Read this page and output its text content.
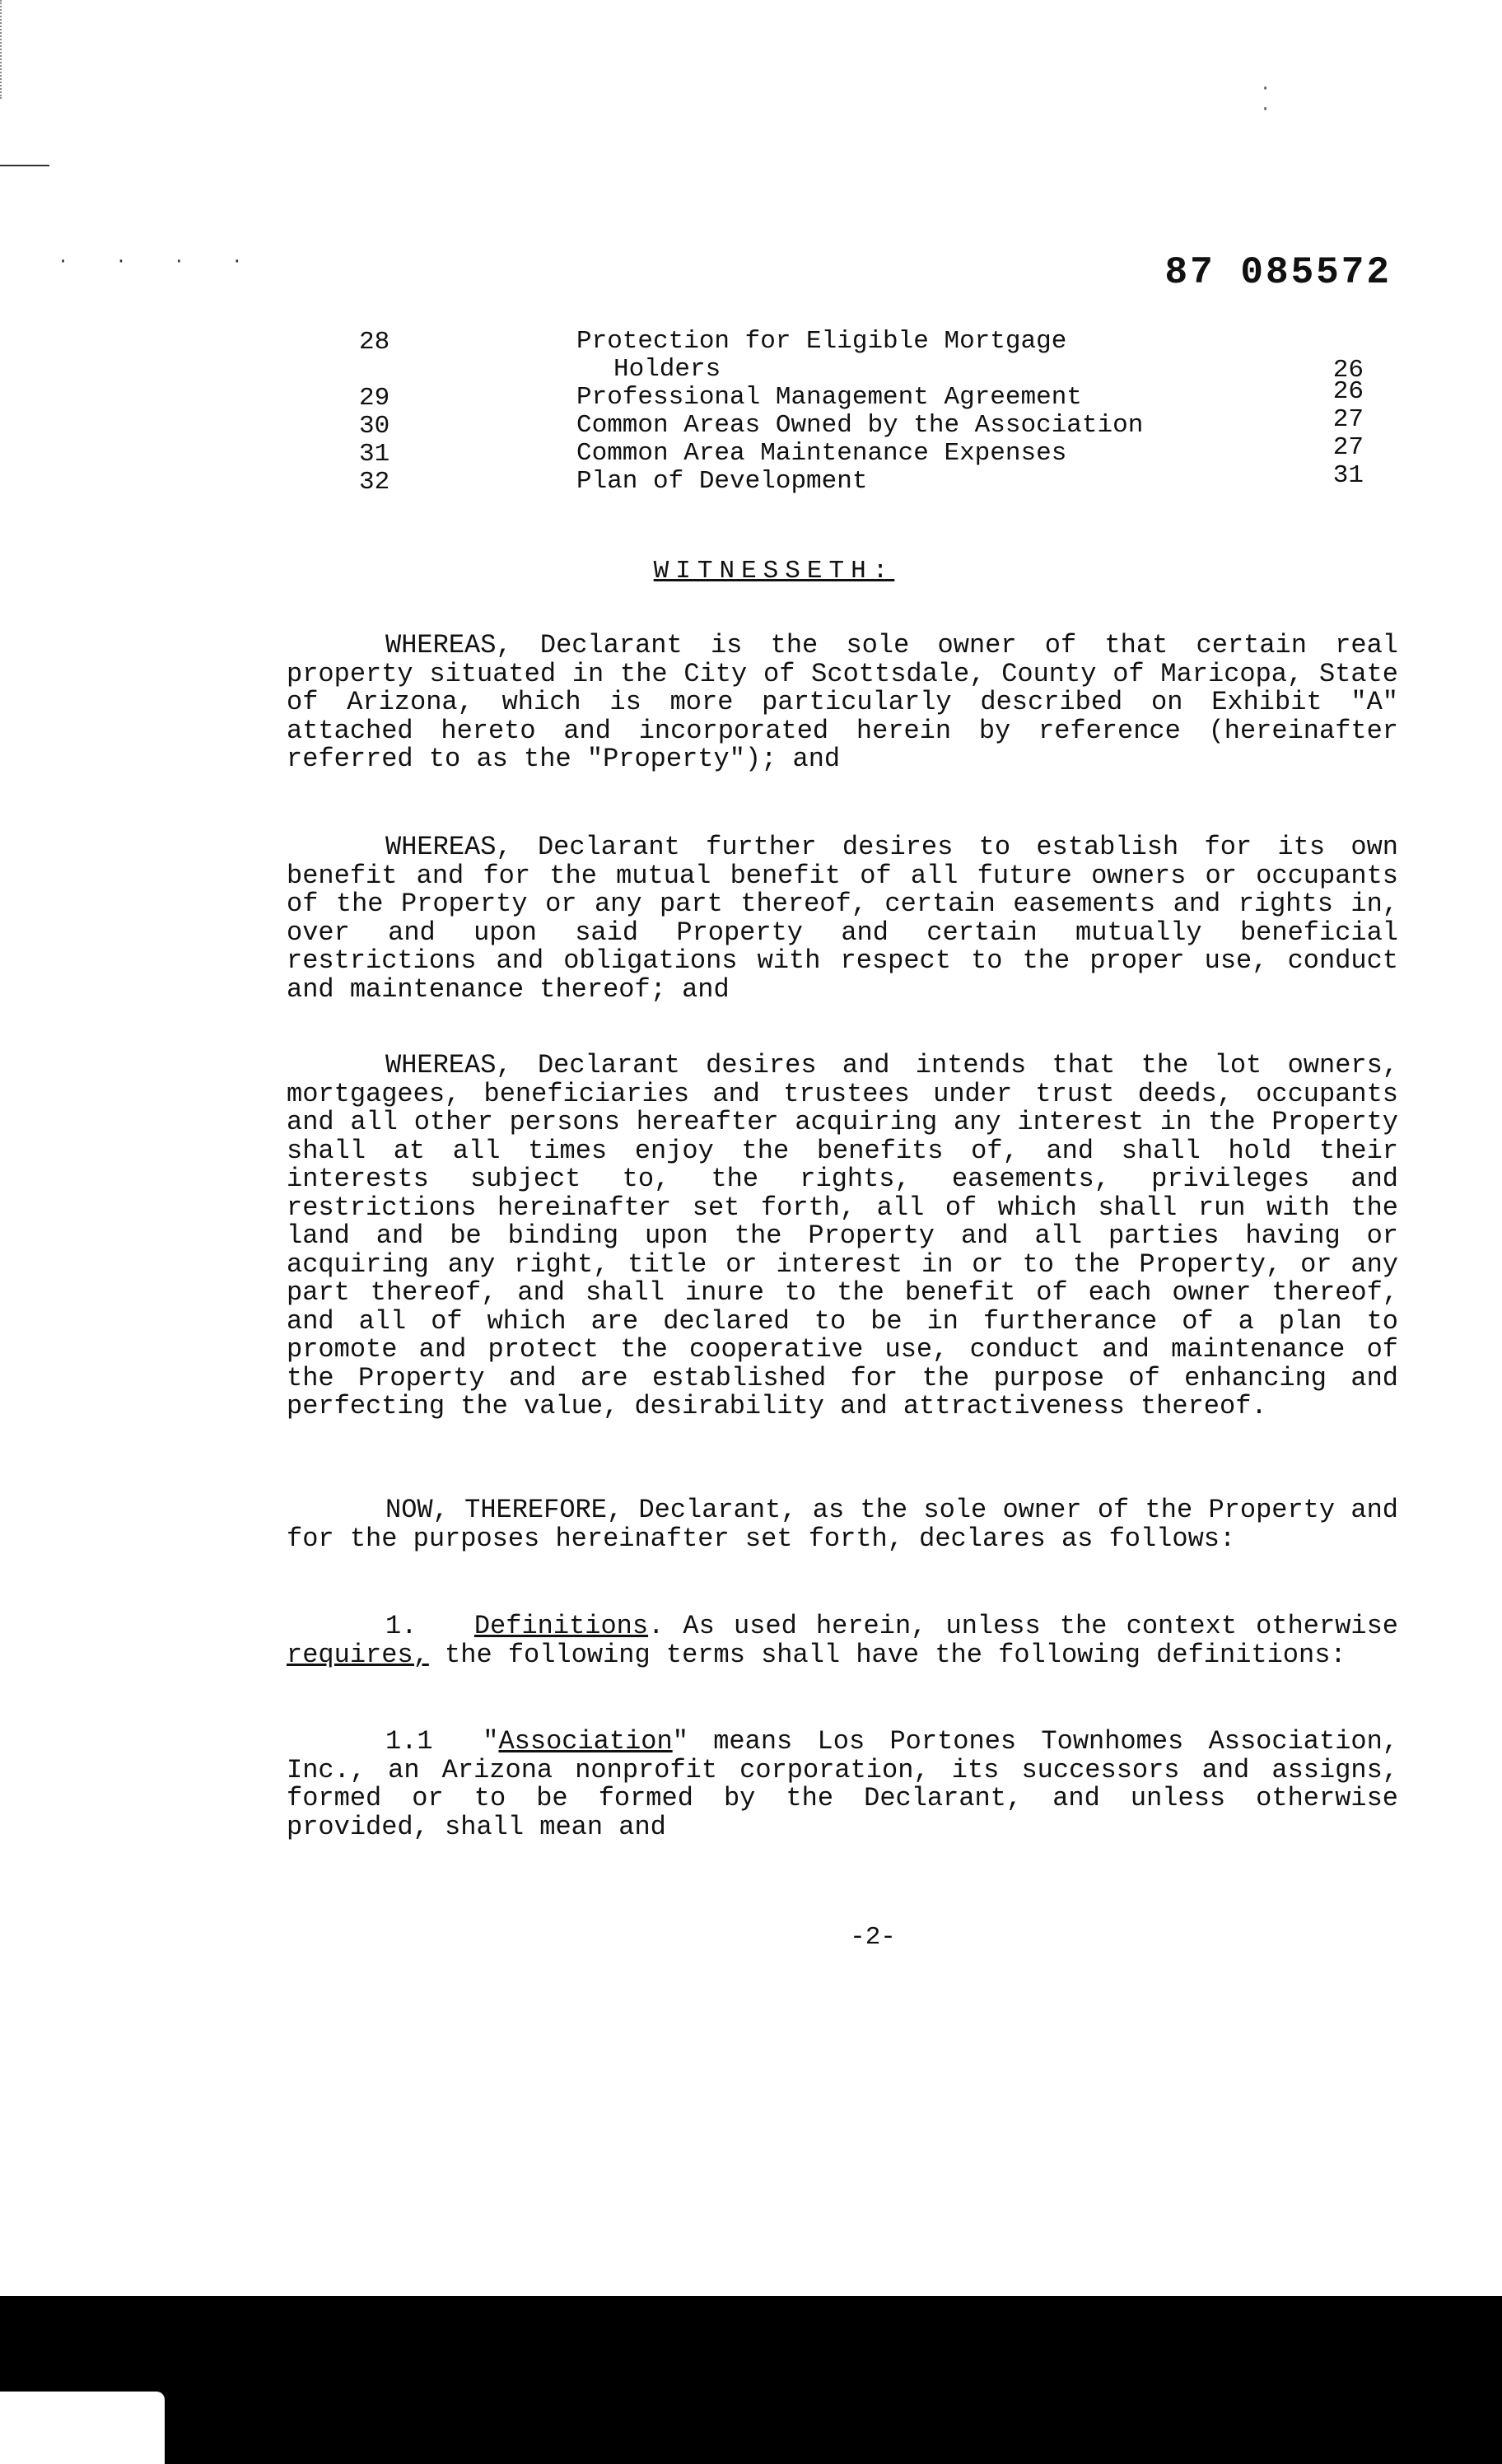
· · · ·
· ·
87 085572
28	Protection for Eligible Mortgage
Holders	26
29	Professional Management Agreement	26
30	Common Areas Owned by the Association	27
31	Common Area Maintenance Expenses	27
32	Plan of Development	31
WITNESSETH:

WHEREAS, Declarant is the sole owner of that certain real property situated in the City of Scottsdale, County of Maricopa, State of Arizona, which is more particularly described on Exhibit "A" attached hereto and incorporated herein by reference (hereinafter referred to as the "Property"); and

WHEREAS, Declarant further desires to establish for its own benefit and for the mutual benefit of all future owners or occupants of the Property or any part thereof, certain easements and rights in, over and upon said Property and certain mutually beneficial restrictions and obligations with respect to the proper use, conduct and maintenance thereof; and

WHEREAS, Declarant desires and intends that the lot owners, mortgagees, beneficiaries and trustees under trust deeds, occupants and all other persons hereafter acquiring any interest in the Property shall at all times enjoy the benefits of, and shall hold their interests subject to, the rights, easements, privileges and restrictions hereinafter set forth, all of which shall run with the land and be binding upon the Property and all parties having or acquiring any right, title or interest in or to the Property, or any part thereof, and shall inure to the benefit of each owner thereof, and all of which are declared to be in furtherance of a plan to promote and protect the cooperative use, conduct and maintenance of the Property and are established for the purpose of enhancing and perfecting the value, desirability and attractiveness thereof.

NOW, THEREFORE, Declarant, as the sole owner of the Property and for the purposes hereinafter set forth, declares as follows:

1. Definitions. As used herein, unless the context otherwise requires, the following terms shall have the following definitions:

1.1 "Association" means Los Portones Townhomes Association, Inc., an Arizona nonprofit corporation, its successors and assigns, formed or to be formed by the Declarant, and unless otherwise provided, shall mean and

-2-
